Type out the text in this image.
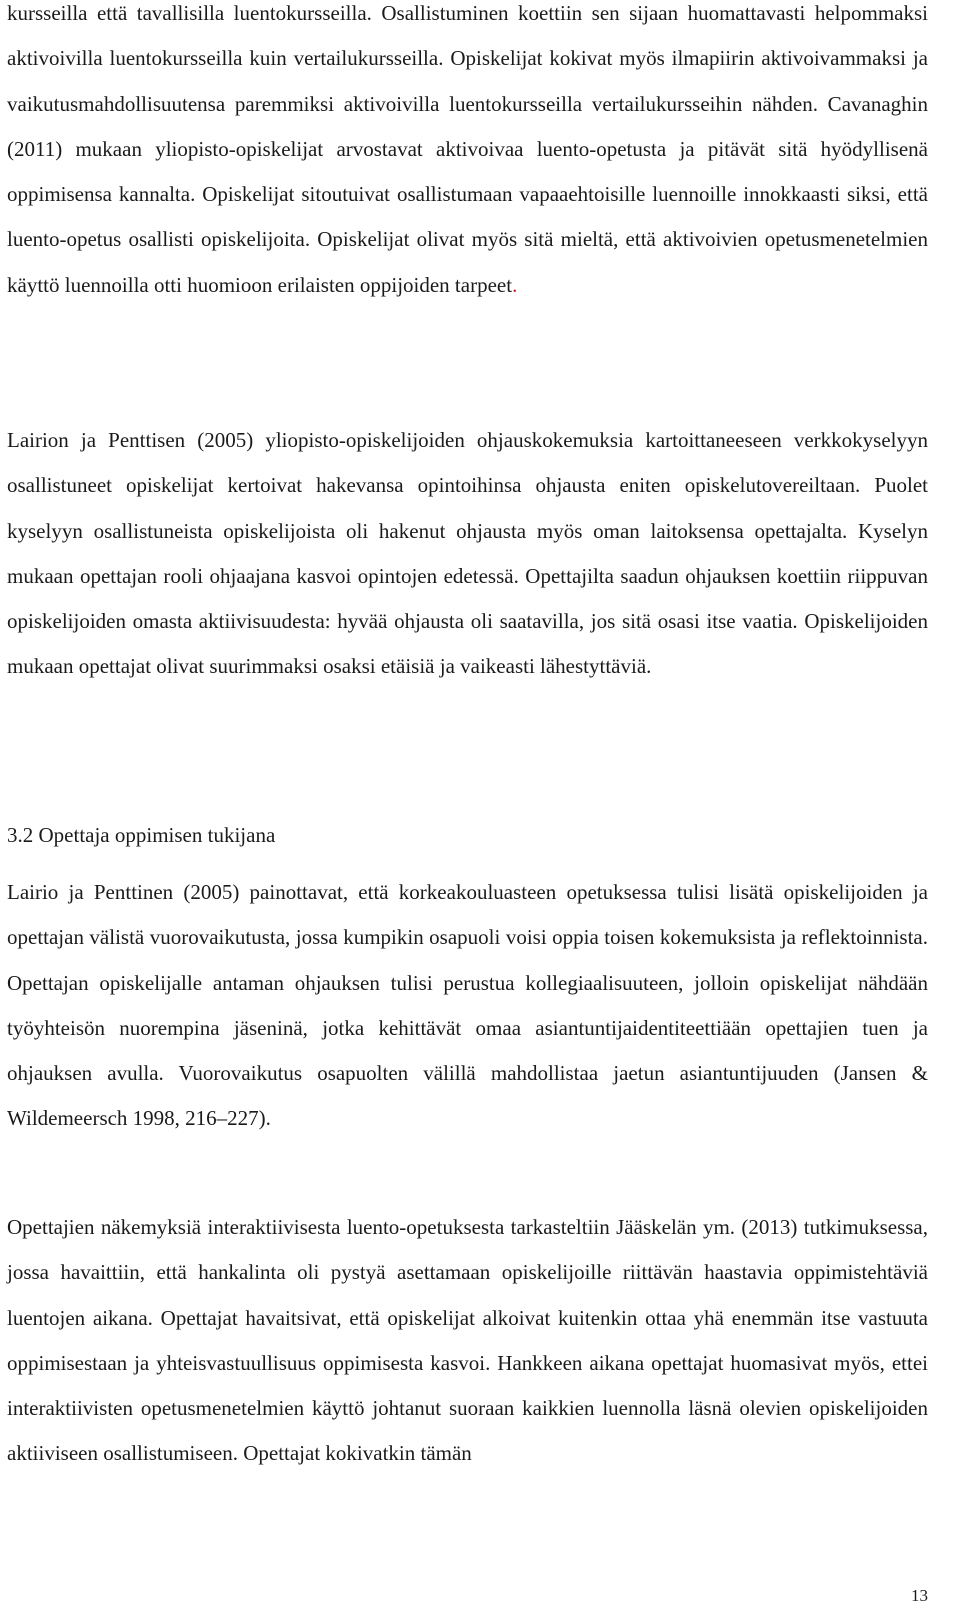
kursseilla että tavallisilla luentokursseilla. Osallistuminen koettiin sen sijaan huomattavasti helpommaksi aktivoivilla luentokursseilla kuin vertailukursseilla. Opiskelijat kokivat myös ilmapiirin aktivoivammaksi ja vaikutusmahdollisuutensa paremmiksi aktivoivilla luentokursseilla vertailukursseihin nähden. Cavanaghin (2011) mukaan yliopisto-opiskelijat arvostavat aktivoivaa luento-opetusta ja pitävät sitä hyödyllisenä oppimisensa kannalta. Opiskelijat sitoutuivat osallistumaan vapaaehtoisille luennoille innokkaasti siksi, että luento-opetus osallisti opiskelijoita. Opiskelijat olivat myös sitä mieltä, että aktivoivien opetusmenetelmien käyttö luennoilla otti huomioon erilaisten oppijoiden tarpeet.

Lairion ja Penttisen (2005) yliopisto-opiskelijoiden ohjauskokemuksia kartoittaneeseen verkkokyselyyn osallistuneet opiskelijat kertoivat hakevansa opintoihinsa ohjausta eniten opiskelutovereiltaan. Puolet kyselyyn osallistuneista opiskelijoista oli hakenut ohjausta myös oman laitoksensa opettajalta. Kyselyn mukaan opettajan rooli ohjaajana kasvoi opintojen edetessä. Opettajilta saadun ohjauksen koettiin riippuvan opiskelijoiden omasta aktiivisuudesta: hyvää ohjausta oli saatavilla, jos sitä osasi itse vaatia. Opiskelijoiden mukaan opettajat olivat suurimmaksi osaksi etäisiä ja vaikeasti lähestyttäviä.

3.2 Opettaja oppimisen tukijana

Lairio ja Penttinen (2005) painottavat, että korkeakouluasteen opetuksessa tulisi lisätä opiskelijoiden ja opettajan välistä vuorovaikutusta, jossa kumpikin osapuoli voisi oppia toisen kokemuksista ja reflektoinnista. Opettajan opiskelijalle antaman ohjauksen tulisi perustua kollegiaalisuuteen, jolloin opiskelijat nähdään työyhteisön nuorempina jäseninä, jotka kehittävät omaa asiantuntijaidentiteettiään opettajien tuen ja ohjauksen avulla. Vuorovaikutus osapuolten välillä mahdollistaa jaetun asiantuntijuuden (Jansen & Wildemeersch 1998, 216–227).

Opettajien näkemyksiä interaktiivisesta luento-opetuksesta tarkasteltiin Jääskelän ym. (2013) tutkimuksessa, jossa havaittiin, että hankalinta oli pystyä asettamaan opiskelijoille riittävän haastavia oppimistehtäviä luentojen aikana. Opettajat havaitsivat, että opiskelijat alkoivat kuitenkin ottaa yhä enemmän itse vastuuta oppimisestaan ja yhteisvastuullisuus oppimisesta kasvoi. Hankkeen aikana opettajat huomasivat myös, ettei interaktiivisten opetusmenetelmien käyttö johtanut suoraan kaikkien luennolla läsnä olevien opiskelijoiden aktiiviseen osallistumiseen. Opettajat kokivatkin tämän

13
